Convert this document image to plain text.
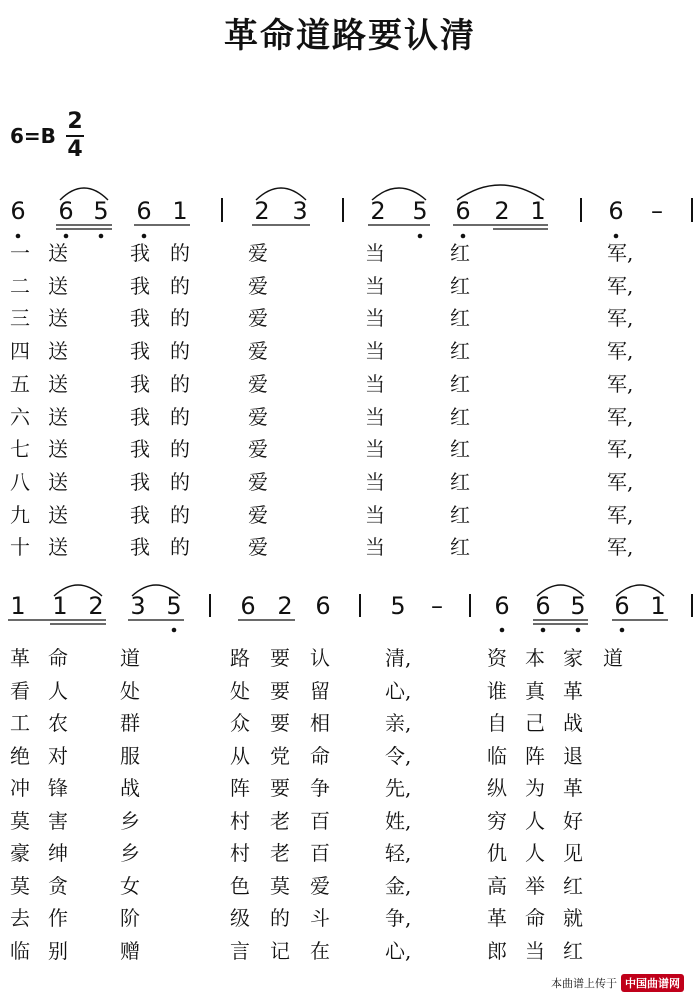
革命道路要认清
6=B
2
4
6 6 5 6 1	2 3	2 5 6 2 1	6 –
1 1 2 3 5 6 2 6 5 – 6 6 5 6 1
一 送	我 的	爱	当	红	军,
二 送	我 的	爱	当	红	军,
三 送	我 的	爱	当	红	军,
四 送	我 的	爱	当	红	军,
五 送	我 的	爱	当	红	军,
六 送	我 的	爱	当	红	军,
七 送	我 的	爱	当	红	军,
八 送	我 的	爱	当	红	军,
九 送	我 的	爱	当	红	军,
十 送	我 的	爱	当	红	军,
革 命	道	路 要 认	清,	资 本 家 道
看 人	处	处 要 留	心,	谁 真 革
工 农	群	众 要 相	亲,	自 己 战
绝 对	服	从 党 命	令,	临 阵 退
冲 锋	战	阵 要 争	先,	纵 为 革
莫 害	乡	村 老 百	姓,	穷 人 好
豪 绅	乡	村 老 百	轻,	仇 人 见
莫 贪	女	色 莫 爱	金,	高 举 红
去 作	阶	级 的 斗	争,	革 命 就
临 别	赠	言 记 在	心,	郎 当 红
本曲谱上传于 中国曲谱网
